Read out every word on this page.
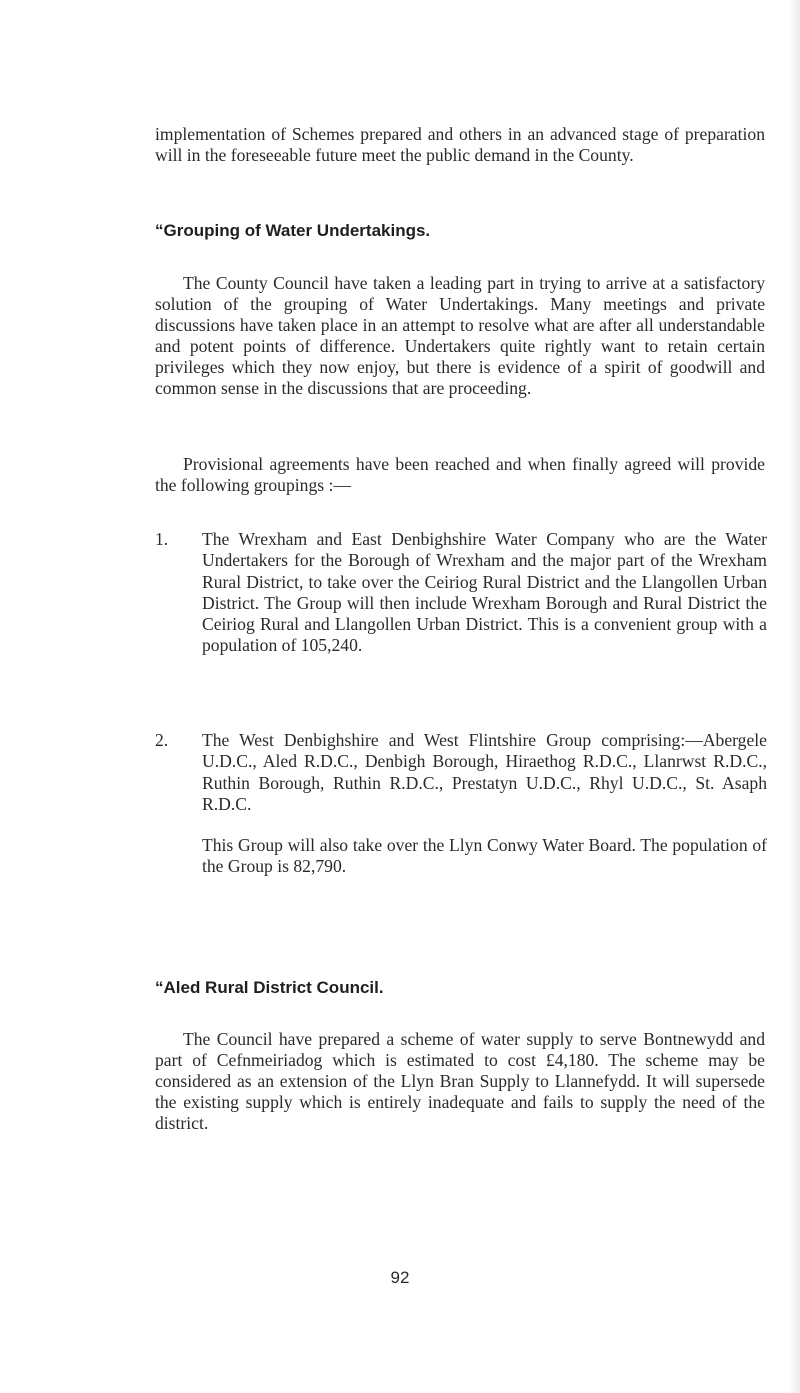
implementation of Schemes prepared and others in an advanced stage of preparation will in the foreseeable future meet the public demand in the County.
“Grouping of Water Undertakings.
The County Council have taken a leading part in trying to arrive at a satisfactory solution of the grouping of Water Undertakings. Many meetings and private discussions have taken place in an attempt to resolve what are after all understandable and potent points of difference. Undertakers quite rightly want to retain certain privileges which they now enjoy, but there is evidence of a spirit of goodwill and common sense in the discussions that are proceeding.
Provisional agreements have been reached and when finally agreed will provide the following groupings :—
1.	The Wrexham and East Denbighshire Water Company who are the Water Undertakers for the Borough of Wrexham and the major part of the Wrexham Rural District, to take over the Ceiriog Rural District and the Llangollen Urban District. The Group will then include Wrexham Borough and Rural District the Ceiriog Rural and Llangollen Urban District. This is a convenient group with a population of 105,240.
2.	The West Denbighshire and West Flintshire Group comprising:—Abergele U.D.C., Aled R.D.C., Denbigh Borough, Hiraethog R.D.C., Llanrwst R.D.C., Ruthin Borough, Ruthin R.D.C., Prestatyn U.D.C., Rhyl U.D.C., St. Asaph R.D.C.
This Group will also take over the Llyn Conwy Water Board. The population of the Group is 82,790.
“Aled Rural District Council.
The Council have prepared a scheme of water supply to serve Bontnewydd and part of Cefnmeiriadog which is estimated to cost £4,180. The scheme may be considered as an extension of the Llyn Bran Supply to Llannefydd. It will supersede the existing supply which is entirely inadequate and fails to supply the need of the district.
92
